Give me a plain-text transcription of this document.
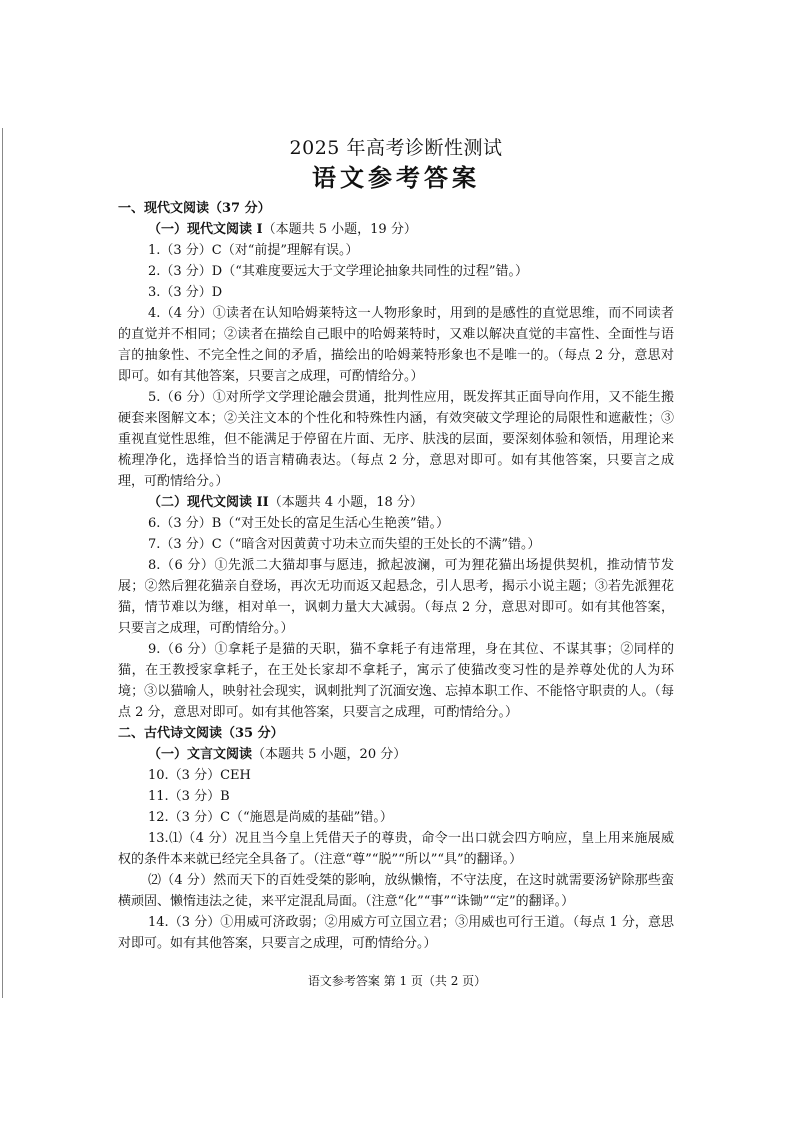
2025 年高考诊断性测试
语文参考答案
一、现代文阅读（37 分）
（一）现代文阅读 I（本题共 5 小题，19 分）
1.（3 分）C（对“前提”理解有误。）
2.（3 分）D（“其难度要远大于文学理论抽象共同性的过程”错。）
3.（3 分）D
4.（4 分）①读者在认知哈姆莱特这一人物形象时，用到的是感性的直觉思维，而不同读者的直觉并不相同；②读者在描绘自己眼中的哈姆莱特时，又难以解决直觉的丰富性、全面性与语言的抽象性、不完全性之间的矛盾，描绘出的哈姆莱特形象也不是唯一的。（每点 2 分，意思对即可。如有其他答案，只要言之成理，可酌情给分。）
5.（6 分）①对所学文学理论融会贯通，批判性应用，既发挥其正面导向作用，又不能生搬硬套来图解文本；②关注文本的个性化和特殊性内涵，有效突破文学理论的局限性和遮蔽性；③重视直觉性思维，但不能满足于停留在片面、无序、肤浅的层面，要深刻体验和领悟，用理论来梳理净化，选择恰当的语言精确表达。（每点 2 分，意思对即可。如有其他答案，只要言之成理，可酌情给分。）
（二）现代文阅读 II（本题共 4 小题，18 分）
6.（3 分）B（“对王处长的富足生活心生艳羡”错。）
7.（3 分）C（“暗含对因黄黄寸功未立而失望的王处长的不满”错。）
8.（6 分）①先派二大猫却事与愿违，掀起波澜，可为狸花猫出场提供契机，推动情节发展；②然后狸花猫亲自登场，再次无功而返又起悬念，引人思考，揭示小说主题；③若先派狸花猫，情节难以为继，相对单一，讽刺力量大大减弱。（每点 2 分，意思对即可。如有其他答案，只要言之成理，可酌情给分。）
9.（6 分）①拿耗子是猫的天职，猫不拿耗子有违常理，身在其位、不谋其事；②同样的猫，在王教授家拿耗子，在王处长家却不拿耗子，寓示了使猫改变习性的是养尊处优的人为环境；③以猫喻人，映射社会现实，讽刺批判了沉湎安逸、忘掉本职工作、不能恪守职责的人。（每点 2 分，意思对即可。如有其他答案，只要言之成理，可酌情给分。）
二、古代诗文阅读（35 分）
（一）文言文阅读（本题共 5 小题，20 分）
10.（3 分）CEH
11.（3 分）B
12.（3 分）C（“施恩是尚威的基础”错。）
13.⑴（4 分）况且当今皇上凭借天子的尊贵，命令一出口就会四方响应，皇上用来施展威权的条件本来就已经完全具备了。（注意“尊”“脱”“所以”“具”的翻译。）
⑵（4 分）然而天下的百姓受桀的影响，放纵懒惰，不守法度，在这时就需要汤铲除那些蛮横顽固、懒惰违法之徒，来平定混乱局面。（注意“化”“事”“诛锄”“定”的翻译。）
14.（3 分）①用威可济政弱；②用威方可立国立君；③用威也可行王道。（每点 1 分，意思对即可。如有其他答案，只要言之成理，可酌情给分。）
语文参考答案 第 1 页（共 2 页）
